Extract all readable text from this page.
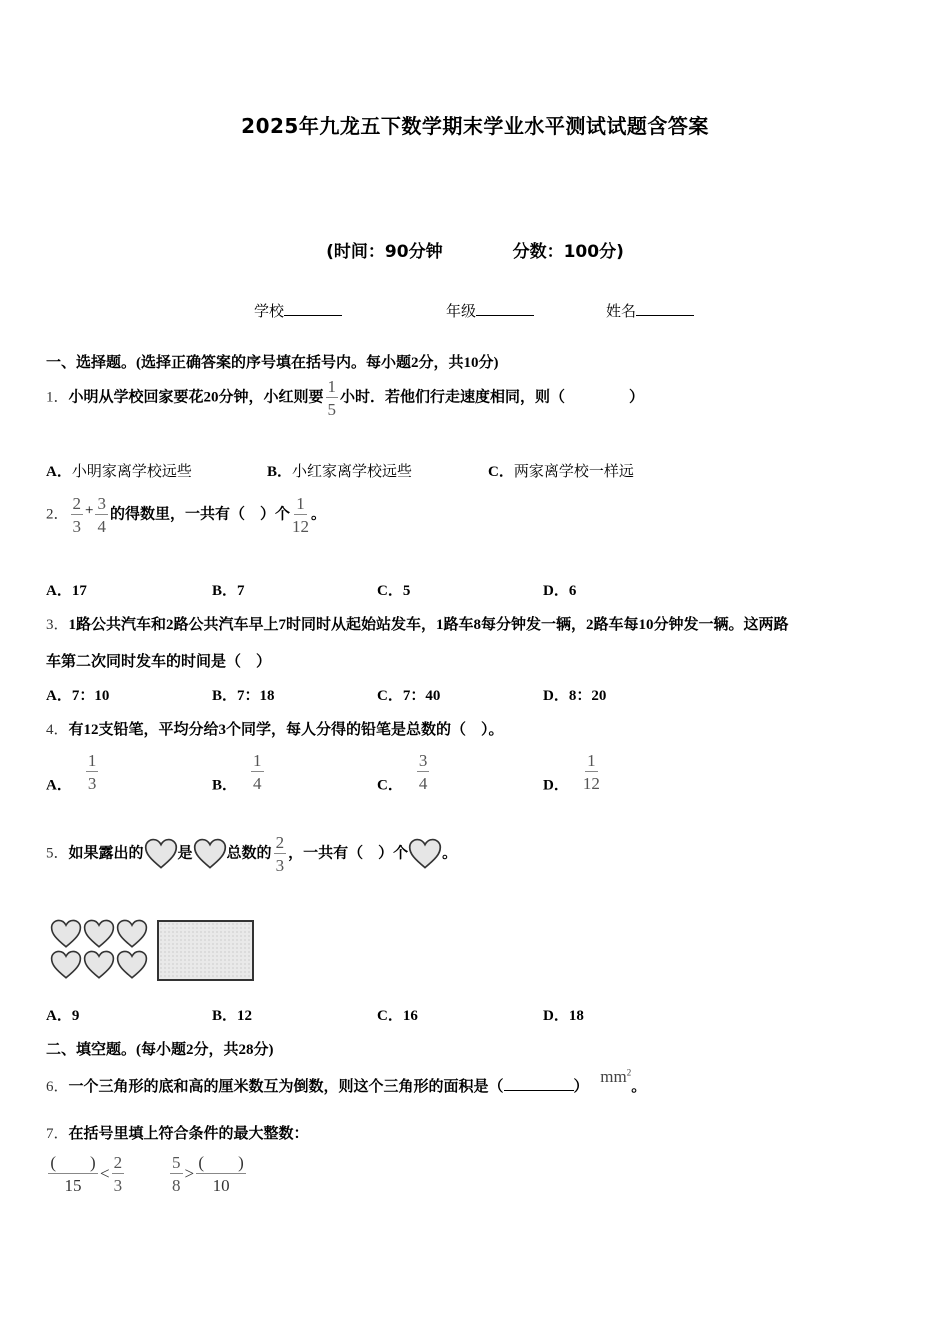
2025年九龙五下数学期末学业水平测试试题含答案
(时间：90分钟	分数：100分)
学校	年级	姓名
一、选择题。(选择正确答案的序号填在括号内。每小题2分，共10分)
1．小明从学校回家要花20分钟，小红则要 $\frac{1}{5}$ 小时．若他们行走速度相同，则（	）
A．小明家离学校远些	B．小红家离学校远些	C．两家离学校一样远
2． $\frac{2}{3} + \frac{3}{4}$ 的得数里，一共有（　）个 $\frac{1}{12}$ 。
A．17	B．7	C．5	D．6
3．1路公共汽车和2路公共汽车早上7时同时从起始站发车，1路车8每分钟发一辆，2路车每10分钟发一辆。这两路
车第二次同时发车的时间是（　）
A．7：10	B．7：18	C．7：40	D．8：20
4．有12支铅笔，平均分给3个同学，每人分得的铅笔是总数的（　）。
A． $\frac{1}{3}$	B． $\frac{1}{4}$	C． $\frac{3}{4}$	D． $\frac{1}{12}$
5．如果露出的 是 总数的 $\frac{2}{3}$ ，一共有（　）个 。
A．9	B．12	C．16	D．18
二、填空题。(每小题2分，共28分)
6．一个三角形的底和高的厘米数互为倒数，则这个三角形的面积是（	） $mm^2$。
7．在括号里填上符合条件的最大整数：
$\frac{( )}{15} < \frac{2}{3}$	$\frac{5}{8} > \frac{( )}{10}$
